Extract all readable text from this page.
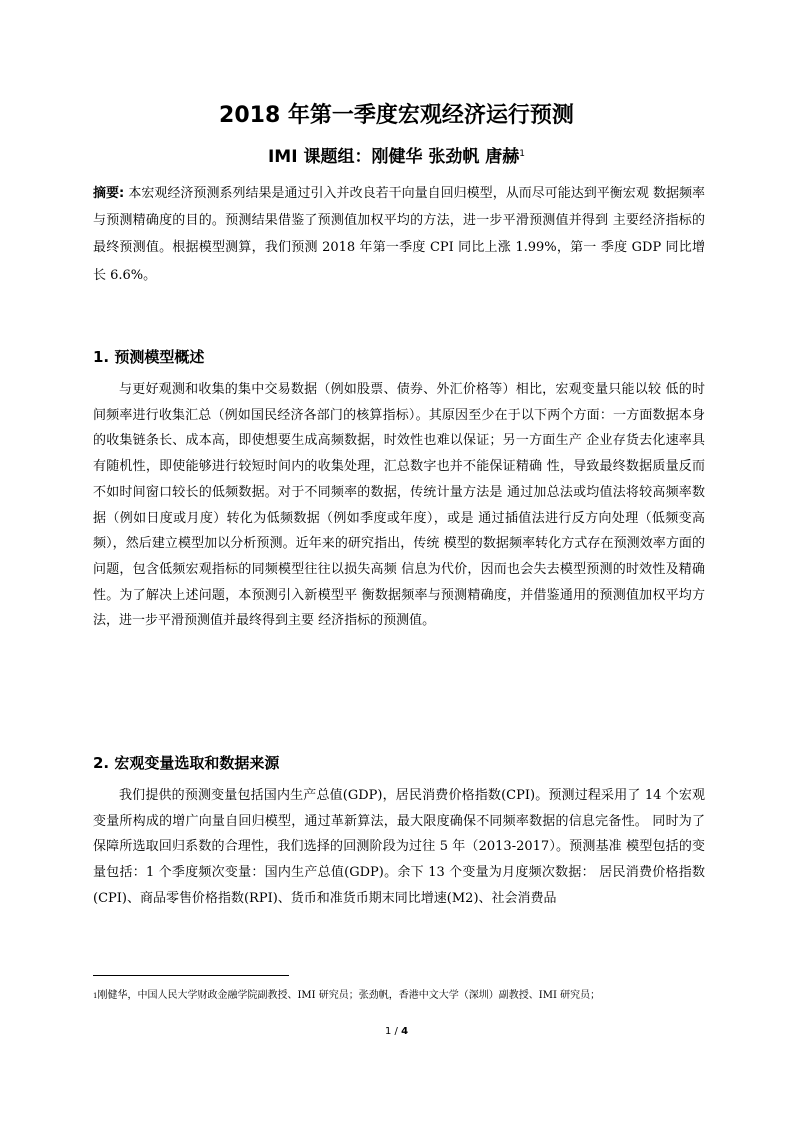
2018 年第一季度宏观经济运行预测
IMI 课题组：刚健华 张劲帆 唐赫$^1$
摘要: 本宏观经济预测系列结果是通过引入并改良若干向量自回归模型，从而尽可能达到平衡宏观 数据频率与预测精确度的目的。预测结果借鉴了预测值加权平均的方法，进一步平滑预测值并得到 主要经济指标的最终预测值。根据模型测算，我们预测 2018 年第一季度 CPI 同比上涨 1.99%，第一 季度 GDP 同比增长 6.6%。
1. 预测模型概述
与更好观测和收集的集中交易数据（例如股票、债券、外汇价格等）相比，宏观变量只能以较 低的时间频率进行收集汇总（例如国民经济各部门的核算指标）。其原因至少在于以下两个方面：一方面数据本身的收集链条长、成本高，即使想要生成高频数据，时效性也难以保证；另一方面生产 企业存货去化速率具有随机性，即使能够进行较短时间内的收集处理，汇总数字也并不能保证精确 性，导致最终数据质量反而不如时间窗口较长的低频数据。对于不同频率的数据，传统计量方法是 通过加总法或均值法将较高频率数据（例如日度或月度）转化为低频数据（例如季度或年度），或是 通过插值法进行反方向处理（低频变高频），然后建立模型加以分析预测。近年来的研究指出，传统 模型的数据频率转化方式存在预测效率方面的问题，包含低频宏观指标的同频模型往往以损失高频 信息为代价，因而也会失去模型预测的时效性及精确性。为了解决上述问题，本预测引入新模型平 衡数据频率与预测精确度，并借鉴通用的预测值加权平均方法，进一步平滑预测值并最终得到主要 经济指标的预测值。
2. 宏观变量选取和数据来源
我们提供的预测变量包括国内生产总值(GDP)，居民消费价格指数(CPI)。预测过程采用了 14 个宏观变量所构成的增广向量自回归模型，通过革新算法，最大限度确保不同频率数据的信息完备性。 同时为了保障所选取回归系数的合理性，我们选择的回测阶段为过往 5 年（2013-2017）。预测基准 模型包括的变量包括：1 个季度频次变量：国内生产总值(GDP)。余下 13 个变量为月度频次数据： 居民消费价格指数(CPI)、商品零售价格指数(RPI)、货币和准货币期末同比增速(M2)、社会消费品
$^1$刚健华，中国人民大学财政金融学院副教授、IMI 研究员；张劲帆，香港中文大学（深圳）副教授、IMI 研究员；
1 / 4
